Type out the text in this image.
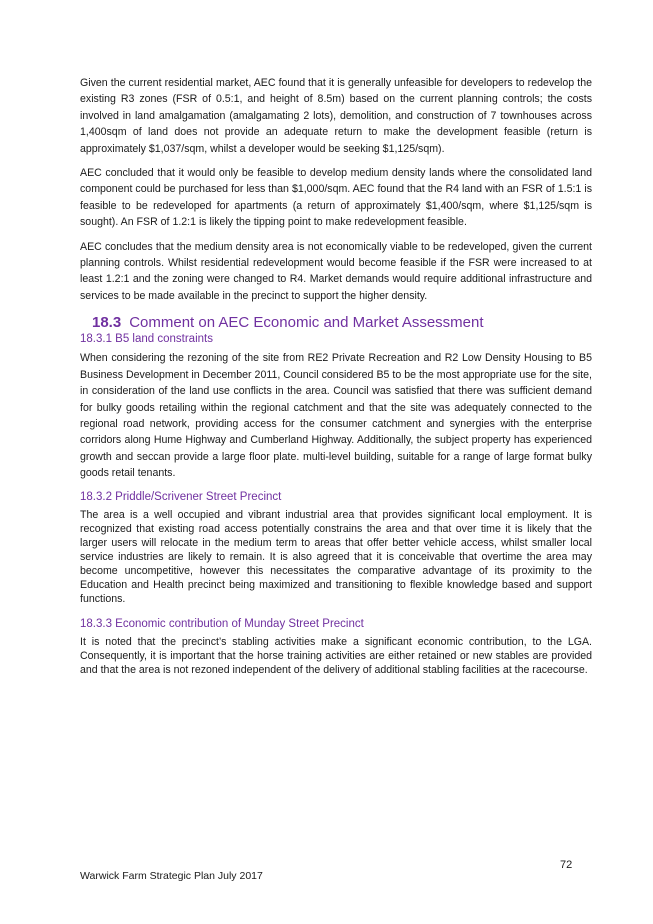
Given the current residential market, AEC found that it is generally unfeasible for developers to redevelop the existing R3 zones (FSR of 0.5:1, and height of 8.5m) based on the current planning controls; the costs involved in land amalgamation (amalgamating 2 lots), demolition, and construction of 7 townhouses across 1,400sqm of land does not provide an adequate return to make the development feasible (return is approximately $1,037/sqm, whilst a developer would be seeking $1,125/sqm).

AEC concluded that it would only be feasible to develop medium density lands where the consolidated land component could be purchased for less than $1,000/sqm. AEC found that the R4 land with an FSR of 1.5:1 is feasible to be redeveloped for apartments (a return of approximately $1,400/sqm, where $1,125/sqm is sought). An FSR of 1.2:1 is likely the tipping point to make redevelopment feasible.

AEC concludes that the medium density area is not economically viable to be redeveloped, given the current planning controls. Whilst residential redevelopment would become feasible if the FSR were increased to at least 1.2:1 and the zoning were changed to R4. Market demands would require additional infrastructure and services to be made available in the precinct to support the higher density.

18.3 Comment on AEC Economic and Market Assessment
18.3.1 B5 land constraints

When considering the rezoning of the site from RE2 Private Recreation and R2 Low Density Housing to B5 Business Development in December 2011, Council considered B5 to be the most appropriate use for the site, in consideration of the land use conflicts in the area. Council was satisfied that there was sufficient demand for bulky goods retailing within the regional catchment and that the site was adequately connected to the regional road network, providing access for the consumer catchment and synergies with the enterprise corridors along Hume Highway and Cumberland Highway. Additionally, the subject property has experienced growth and seccan provide a large floor plate. multi-level building, suitable for a range of large format bulky goods retail tenants.

18.3.2 Priddle/Scrivener Street Precinct

The area is a well occupied and vibrant industrial area that provides significant local employment. It is recognized that existing road access potentially constrains the area and that over time it is likely that the larger users will relocate in the medium term to areas that offer better vehicle access, whilst smaller local service industries are likely to remain. It is also agreed that it is conceivable that overtime the area may become uncompetitive, however this necessitates the comparative advantage of its proximity to the Education and Health precinct being maximized and transitioning to flexible knowledge based and support functions.

18.3.3 Economic contribution of Munday Street Precinct

It is noted that the precinct’s stabling activities make a significant economic contribution, to the LGA. Consequently, it is important that the horse training activities are either retained or new stables are provided and that the area is not rezoned independent of the delivery of additional stabling facilities at the racecourse.

72
Warwick Farm Strategic Plan July 2017
